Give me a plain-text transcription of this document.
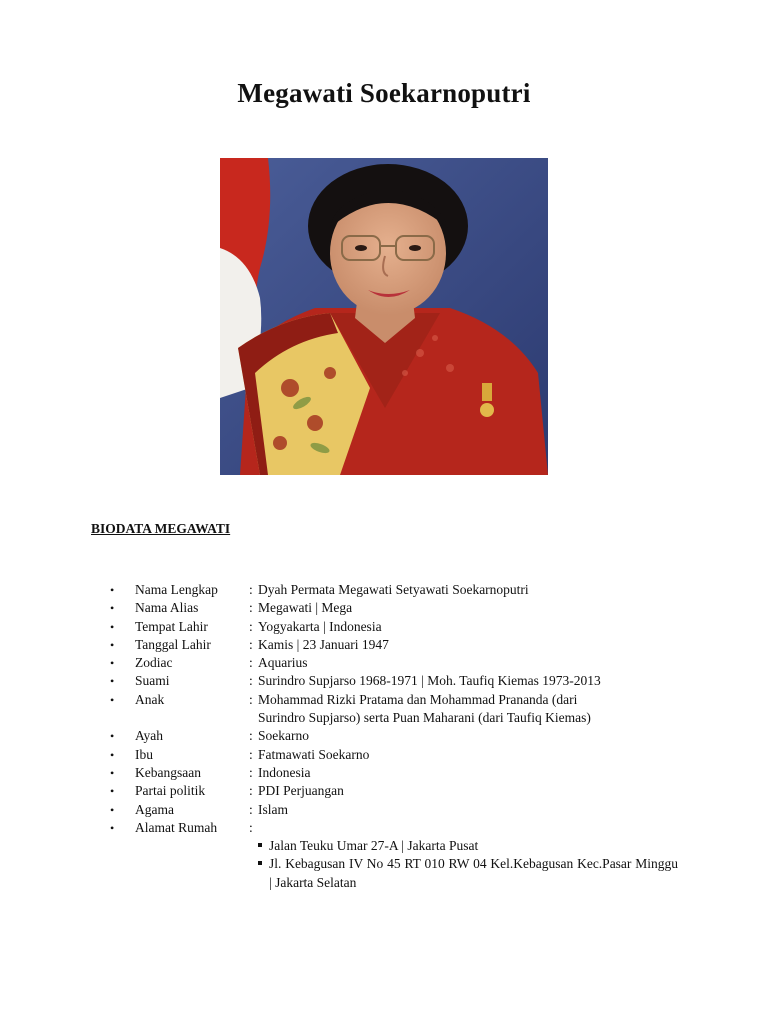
Megawati Soekarnoputri
BIODATA MEGAWATI
•	Nama Lengkap	: Dyah Permata Megawati Setyawati Soekarnoputri
•	Nama Alias	: Megawati | Mega
•	Tempat Lahir	: Yogyakarta | Indonesia
•	Tanggal Lahir	: Kamis | 23 Januari 1947
•	Zodiac	: Aquarius
•	Suami	: Surindro Supjarso 1968-1971 | Moh. Taufiq Kiemas 1973-2013
•	Anak	: Mohammad Rizki Pratama dan Mohammad Prananda (dari
Surindro Supjarso) serta Puan Maharani (dari Taufiq Kiemas)
•	Ayah	: Soekarno
•	Ibu	: Fatmawati Soekarno
•	Kebangsaan	: Indonesia
•	Partai politik	: PDI Perjuangan
•	Agama	: Islam
•	Alamat Rumah	:
Jalan Teuku Umar 27-A | Jakarta Pusat
Jl. Kebagusan IV No 45 RT 010 RW 04 Kel.Kebagusan Kec.Pasar Minggu | Jakarta Selatan
